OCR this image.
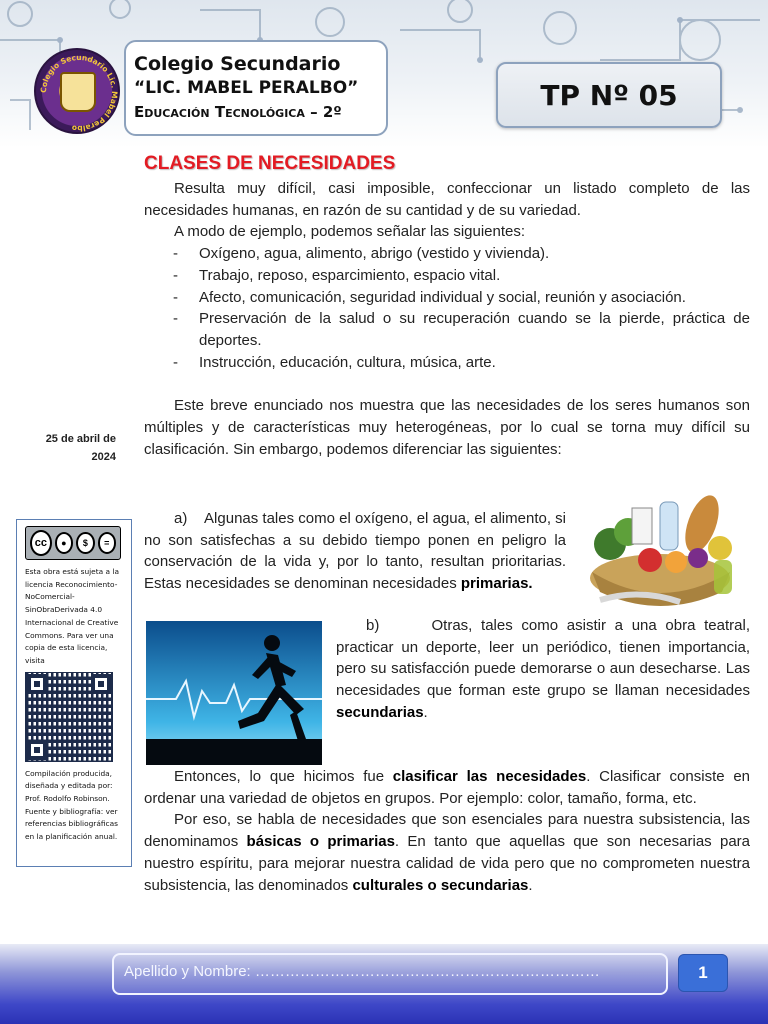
Colegio Secundario Lic. Mabel Peralbo
Colegio Secundario
“LIC. MABEL PERALBO”
Educación Tecnológica – 2º
TP Nº 05
25 de abril de 2024
cc	●	$	=
Esta obra está sujeta a la licencia Reconocimiento-NoComercial-SinObraDerivada 4.0 Internacional de Creative Commons. Para ver una copia de esta licencia, visita
Compilación producida, diseñada y editada por: Prof. Rodolfo Robinson. Fuente y bibliografía: ver referencias bibliográficas en la planificación anual.
CLASES DE NECESIDADES

Resulta muy difícil, casi imposible, confeccionar un listado completo de las necesidades humanas, en razón de su cantidad y de su variedad.

A modo de ejemplo, podemos señalar las siguientes:

- Oxígeno, agua, alimento, abrigo (vestido y vivienda).
- Trabajo, reposo, esparcimiento, espacio vital.
- Afecto, comunicación, seguridad individual y social, reunión y asociación.
- Preservación de la salud o su recuperación cuando se la pierde, práctica de deportes.
- Instrucción, educación, cultura, música, arte.

Este breve enunciado nos muestra que las necesidades de los seres humanos son múltiples y de características muy heterogéneas, por lo cual se torna muy difícil su clasificación. Sin embargo, podemos diferenciar las siguientes:

a)    Algunas tales como el oxígeno, el agua, el alimento, si no son satisfechas a su debido tiempo ponen en peligro la conservación de la vida y, por lo tanto, resultan prioritarias. Estas necesidades se denominan necesidades primarias.

b)      Otras, tales como asistir a una obra teatral, practicar un deporte, leer un periódico, tienen importancia, pero su satisfacción puede demorarse o aun desecharse. Las necesidades que forman este grupo se llaman necesidades secundarias.

Entonces, lo que hicimos fue clasificar las necesidades. Clasificar consiste en ordenar una variedad de objetos en grupos. Por ejemplo: color, tamaño, forma, etc.

Por eso, se habla de necesidades que son esenciales para nuestra subsistencia, las denominamos básicas o primarias. En tanto que aquellas que son necesarias para nuestro espíritu, para mejorar nuestra calidad de vida pero que no comprometen nuestra subsistencia, las denominados culturales o secundarias.

Apellido y Nombre: ……………………………………………………………	1
